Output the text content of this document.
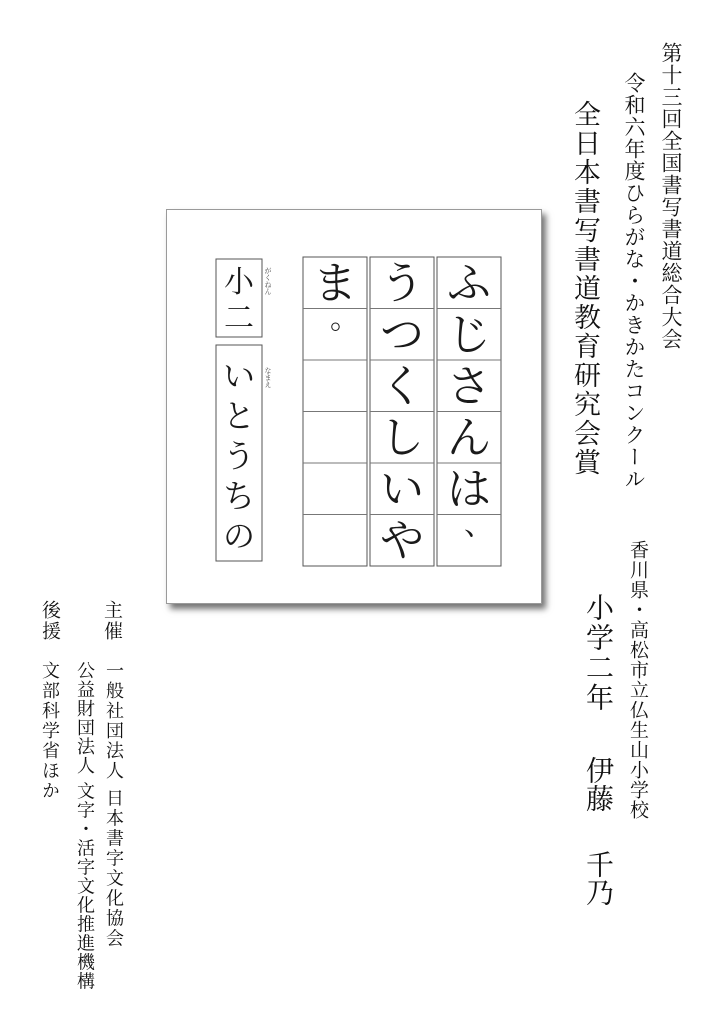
第十三回全国書写書道総合大会
令和六年度ひらがな・かきかたコンクール
全日本書写書道教育研究会賞
ふ
じ
さ
ん
は
、
う
つ
く
し
い
や
ま
。
がくねん
なまえ
小
二
い
と
う
ち
の
香川県・高松市立仏生山小学校
小学二年
伊藤
千乃
主催
一般社団法人 日本書字文化協会
公益財団法人 文字・活字文化推進機構
後援
文部科学省ほか
